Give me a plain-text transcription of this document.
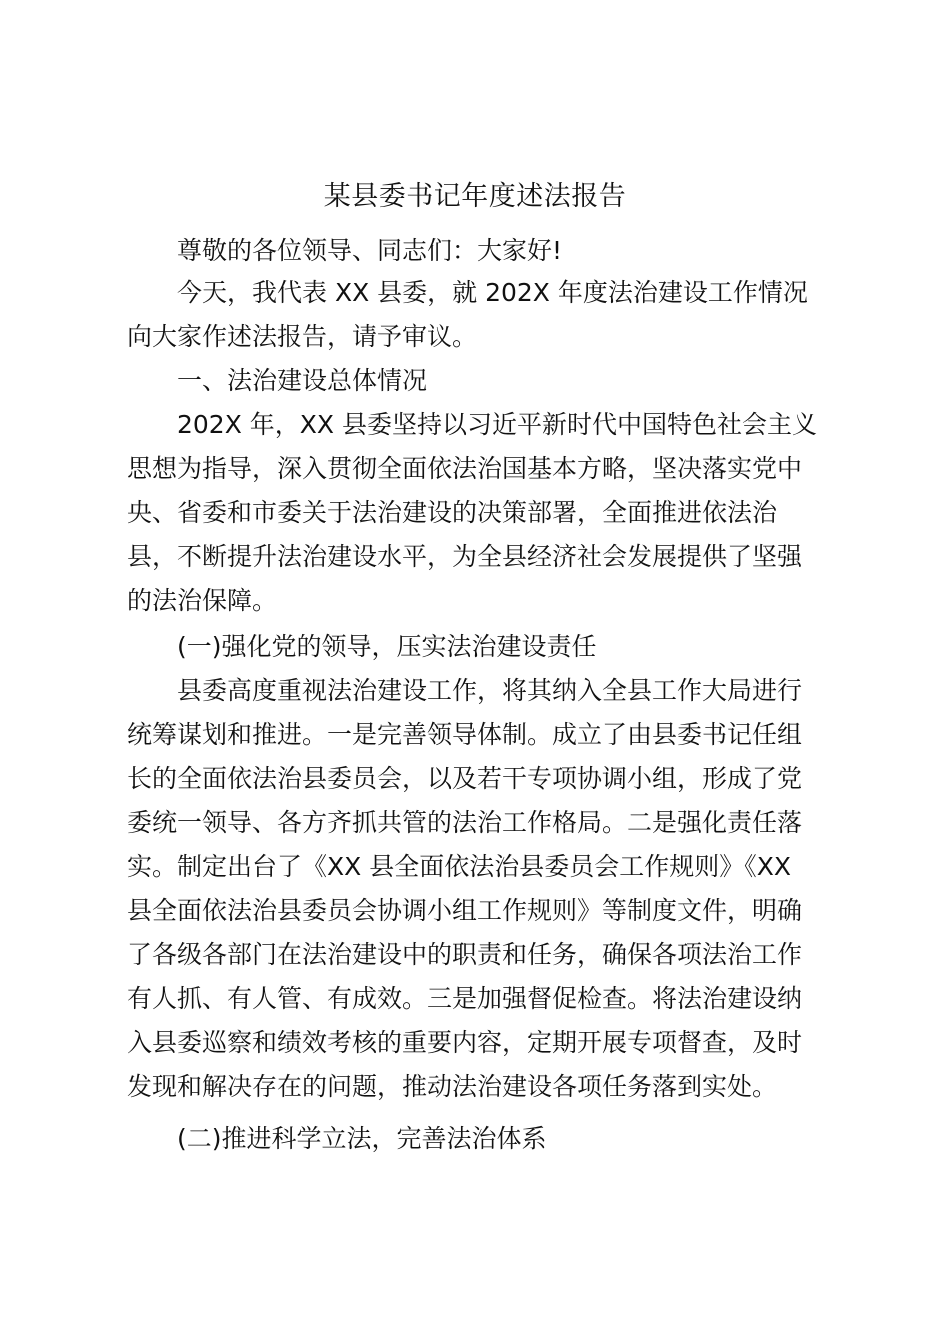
某县委书记年度述法报告

尊敬的各位领导、同志们：大家好!

今天，我代表 XX 县委，就 202X 年度法治建设工作情况

向大家作述法报告，请予审议。

一、法治建设总体情况

202X 年，XX 县委坚持以习近平新时代中国特色社会主义

思想为指导，深入贯彻全面依法治国基本方略，坚决落实党中

央、省委和市委关于法治建设的决策部署，全面推进依法治

县，不断提升法治建设水平，为全县经济社会发展提供了坚强

的法治保障。

(一)强化党的领导，压实法治建设责任

县委高度重视法治建设工作，将其纳入全县工作大局进行

统筹谋划和推进。一是完善领导体制。成立了由县委书记任组

长的全面依法治县委员会，以及若干专项协调小组，形成了党

委统一领导、各方齐抓共管的法治工作格局。二是强化责任落

实。制定出台了《XX 县全面依法治县委员会工作规则》《XX

县全面依法治县委员会协调小组工作规则》等制度文件，明确

了各级各部门在法治建设中的职责和任务，确保各项法治工作

有人抓、有人管、有成效。三是加强督促检查。将法治建设纳

入县委巡察和绩效考核的重要内容，定期开展专项督查，及时

发现和解决存在的问题，推动法治建设各项任务落到实处。

(二)推进科学立法，完善法治体系
